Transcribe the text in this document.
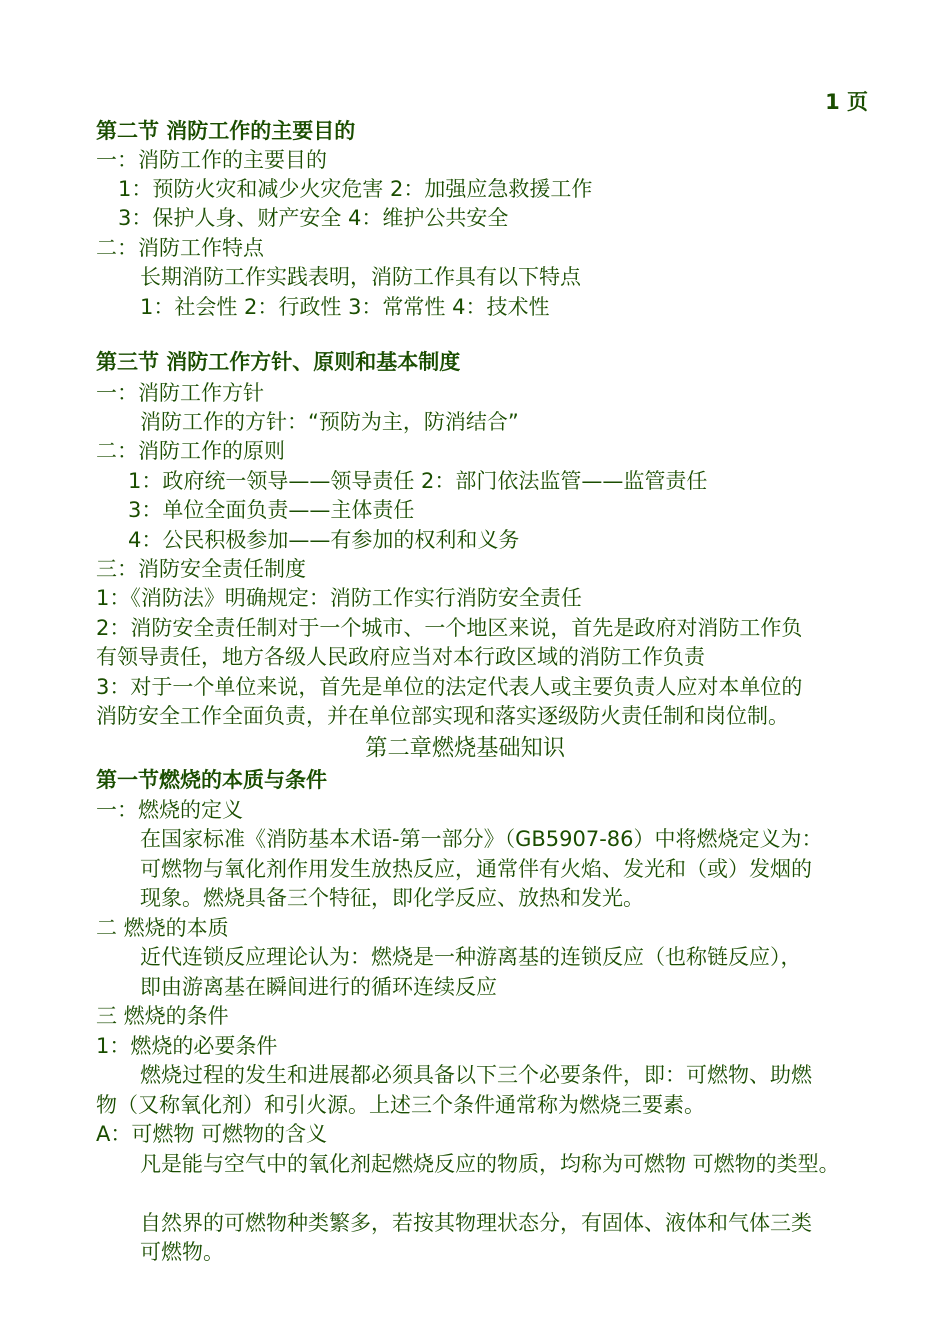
1 页
第二节 消防工作的主要目的
一：消防工作的主要目的
1：预防火灾和减少火灾危害 2：加强应急救援工作
3：保护人身、财产安全 4：维护公共安全
二：消防工作特点
长期消防工作实践表明，消防工作具有以下特点
1：社会性 2：行政性 3：常常性 4：技术性
第三节 消防工作方针、原则和基本制度
一：消防工作方针
消防工作的方针：“预防为主，防消结合”
二：消防工作的原则
1：政府统一领导——领导责任 2：部门依法监管——监管责任
3：单位全面负责——主体责任
4：公民积极参加——有参加的权利和义务
三：消防安全责任制度
1：《消防法》明确规定：消防工作实行消防安全责任
2：消防安全责任制对于一个城市、一个地区来说，首先是政府对消防工作负
有领导责任，地方各级人民政府应当对本行政区域的消防工作负责
3：对于一个单位来说，首先是单位的法定代表人或主要负责人应对本单位的
消防安全工作全面负责，并在单位部实现和落实逐级防火责任制和岗位制。
第二章燃烧基础知识
第一节燃烧的本质与条件
一：燃烧的定义
在国家标准《消防基本术语-第一部分》（GB5907-86）中将燃烧定义为：
可燃物与氧化剂作用发生放热反应，通常伴有火焰、发光和（或）发烟的
现象。燃烧具备三个特征，即化学反应、放热和发光。
二 燃烧的本质
近代连锁反应理论认为：燃烧是一种游离基的连锁反应（也称链反应），
即由游离基在瞬间进行的循环连续反应
三 燃烧的条件
1：燃烧的必要条件
燃烧过程的发生和进展都必须具备以下三个必要条件，即：可燃物、助燃
物（又称氧化剂）和引火源。上述三个条件通常称为燃烧三要素。
A：可燃物 可燃物的含义
凡是能与空气中的氧化剂起燃烧反应的物质，均称为可燃物 可燃物的类型。
自然界的可燃物种类繁多，若按其物理状态分，有固体、液体和气体三类
可燃物。
